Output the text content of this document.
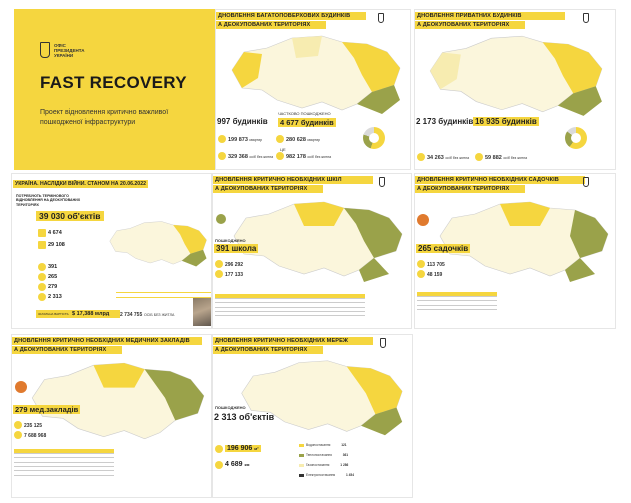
ОФІС
ПРЕЗИДЕНТА
УКРАЇНИ
FAST RECOVERY
Проект відновлення критично важливої
пошкодженої інфраструктури
ДНОВЛЕННЯ БАГАТОПОВЕРХОВИХ БУДИНКІВ
А ДЕОКУПОВАНИХ ТЕРИТОРІЯХ
997 будинків
ЧАСТКОВО ПОШКОДЖЕНО
4 677 будинків
199 873 квартир
329 368 осіб без житла
280 628 квартир
ЦЕ
982 178 осіб без житла
ДНОВЛЕННЯ ПРИВАТНИХ БУДИНКІВ
А ДЕОКУПОВАНИХ ТЕРИТОРІЯХ
2 173 будинків 16 935 будинків
34 263 осіб без житла	59 882 осіб без житла
УКРАЇНА. НАСЛІДКИ ВІЙНИ. СТАНОМ НА 20.06.2022
ПОТРЕБУЮТЬ ТЕРМІНОВОГО
ВІДНОВЛЕННЯ НА ДЕОКУПОВАНИХ
ТЕРИТОРІЯХ
39 030 об'єктів
4 674
29 108
391
265
279
2 313
ЗАГАЛЬНА ВАРТІСТЬ $ 17,388 млрд 2 734 755 ОСІБ БЕЗ ЖИТЛА
ДНОВЛЕННЯ КРИТИЧНО НЕОБХІДНИХ ШКІЛ
А ДЕОКУПОВАНИХ ТЕРИТОРІЯХ
ПОШКОДЖЕНО
391 школа
296 292
177 133

ДНОВЛЕННЯ КРИТИЧНО НЕОБХІДНИХ САДОЧКІВ
А ДЕОКУПОВАНИХ ТЕРИТОРІЯХ
265 садочків
113 705
48 159

ДНОВЛЕННЯ КРИТИЧНО НЕОБХІДНИХ МЕДИЧНИХ ЗАКЛАДІВ
А ДЕОКУПОВАНИХ ТЕРИТОРІЯХ
279 мед.закладів
235 125
7 688 968

ДНОВЛЕННЯ КРИТИЧНО НЕОБХІДНИХ МЕРЕЖ
А ДЕОКУПОВАНИХ ТЕРИТОРІЯХ
ПОШКОДЖЕНО
2 313 об'єктів
196 906 м²
4 689 км
Водопостачання	121
Теплопостачання	361
Газопостачання	1 286
Електропостачання	1 454
